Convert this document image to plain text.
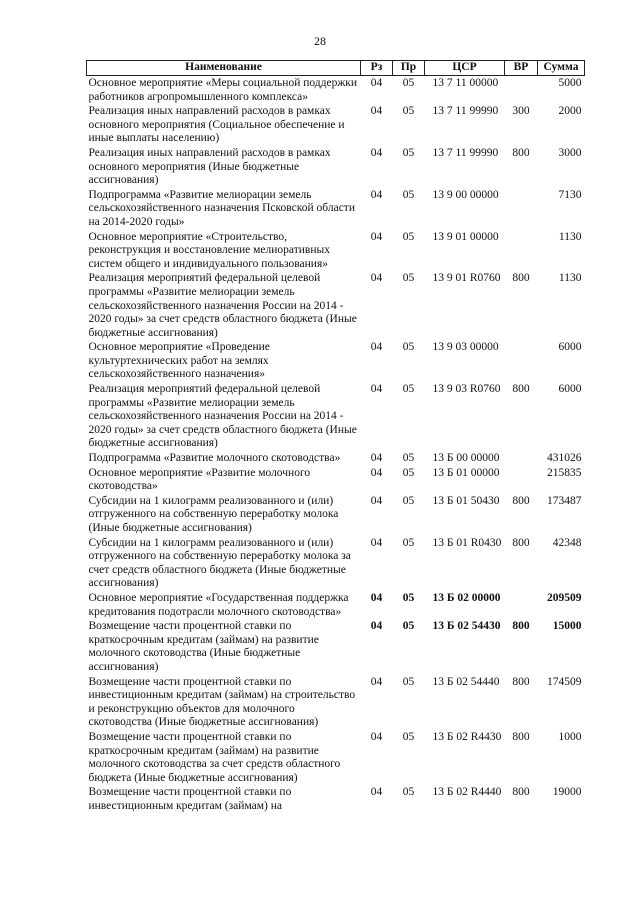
28
Наименование	Рз	Пр	ЦСР	ВР	Сумма
Основное мероприятие «Меры социальной поддержки работников агропромышленного комплекса»	04	05	13 7 11 00000		5000
Реализация иных направлений расходов в рамках основного мероприятия (Социальное обеспечение и иные выплаты населению)	04	05	13 7 11 99990	300	2000
Реализация иных направлений расходов в рамках основного мероприятия (Иные бюджетные ассигнования)	04	05	13 7 11 99990	800	3000
Подпрограмма «Развитие мелиорации земель сельскохозяйственного назначения Псковской области на 2014-2020 годы»	04	05	13 9 00 00000		7130
Основное мероприятие «Строительство, реконструкция и восстановление мелиоративных систем общего и индивидуального пользования»	04	05	13 9 01 00000		1130
Реализация мероприятий федеральной целевой программы «Развитие мелиорации земель сельскохозяйственного назначения России на 2014 - 2020 годы» за счет средств областного бюджета (Иные бюджетные ассигнования)	04	05	13 9 01 R0760	800	1130
Основное мероприятие «Проведение культуртехнических работ на землях сельскохозяйственного назначения»	04	05	13 9 03 00000		6000
Реализация мероприятий федеральной целевой программы «Развитие мелиорации земель сельскохозяйственного назначения России на 2014 - 2020 годы» за счет средств областного бюджета (Иные бюджетные ассигнования)	04	05	13 9 03 R0760	800	6000
Подпрограмма «Развитие молочного скотоводства»	04	05	13 Б 00 00000		431026
Основное мероприятие «Развитие молочного скотоводства»	04	05	13 Б 01 00000		215835
Субсидии на 1 килограмм реализованного и (или) отгруженного на собственную переработку молока (Иные бюджетные ассигнования)	04	05	13 Б 01 50430	800	173487
Субсидии на 1 килограмм реализованного и (или) отгруженного на собственную переработку молока за счет средств областного бюджета (Иные бюджетные ассигнования)	04	05	13 Б 01 R0430	800	42348
Основное мероприятие «Государственная поддержка кредитования подотрасли молочного скотоводства»	04	05	13 Б 02 00000		209509
Возмещение части процентной ставки по краткосрочным кредитам (займам) на развитие молочного скотоводства (Иные бюджетные ассигнования)	04	05	13 Б 02 54430	800	15000
Возмещение части процентной ставки по инвестиционным кредитам (займам) на строительство и реконструкцию объектов для молочного скотоводства (Иные бюджетные ассигнования)	04	05	13 Б 02 54440	800	174509
Возмещение части процентной ставки по краткосрочным кредитам (займам) на развитие молочного скотоводства за счет средств областного бюджета (Иные бюджетные ассигнования)	04	05	13 Б 02 R4430	800	1000
Возмещение части процентной ставки по инвестиционным кредитам (займам) на	04	05	13 Б 02 R4440	800	19000
